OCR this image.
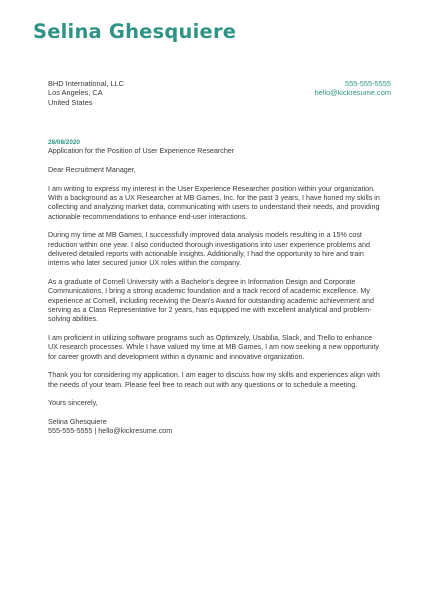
Selina Ghesquiere
BHD International, LLC
Los Angeles, CA
United States
555-555-5555
hello@kickresume.com
28/08/2020
Application for the Position of User Experience Researcher

Dear Recruitment Manager,

I am writing to express my interest in the User Experience Researcher position within your organization. With a background as a UX Researcher at MB Games, Inc. for the past 3 years, I have honed my skills in collecting and analyzing market data, communicating with users to understand their needs, and providing actionable recommendations to enhance end-user interactions.

During my time at MB Games, I successfully improved data analysis models resulting in a 15% cost reduction within one year. I also conducted thorough investigations into user experience problems and delivered detailed reports with actionable insights. Additionally, I had the opportunity to hire and train interns who later secured junior UX roles within the company.

As a graduate of Cornell University with a Bachelor's degree in Information Design and Corporate Communications, I bring a strong academic foundation and a track record of academic excellence. My experience at Cornell, including receiving the Dean's Award for outstanding academic achievement and serving as a Class Representative for 2 years, has equipped me with excellent analytical and problem-solving abilities.

I am proficient in utilizing software programs such as Optimizely, Usabilia, Slack, and Trello to enhance UX research processes. While I have valued my time at MB Games, I am now seeking a new opportunity for career growth and development within a dynamic and innovative organization.

Thank you for considering my application. I am eager to discuss how my skills and experiences align with the needs of your team. Please feel free to reach out with any questions or to schedule a meeting.

Yours sincerely,

Selina Ghesquiere
555-555-5555 | hello@kickresume.com
